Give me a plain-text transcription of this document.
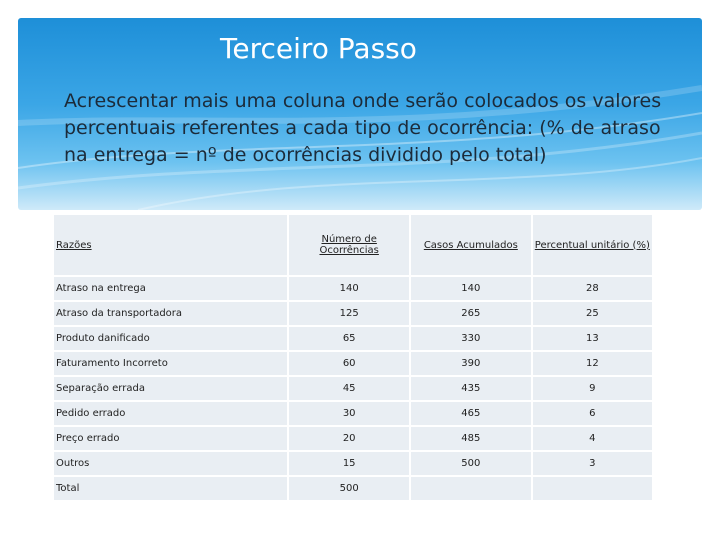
Terceiro Passo

Acrescentar mais uma coluna onde serão colocados os valores percentuais referentes a cada tipo de ocorrência: (% de atraso na entrega = nº de ocorrências dividido pelo total)

Razões	Número de Ocorrências	Casos Acumulados	Percentual unitário (%)
Atraso na entrega	140	140	28
Atraso da transportadora	125	265	25
Produto danificado	65	330	13
Faturamento Incorreto	60	390	12
Separação errada	45	435	9
Pedido errado	30	465	6
Preço errado	20	485	4
Outros	15	500	3
Total	500		
